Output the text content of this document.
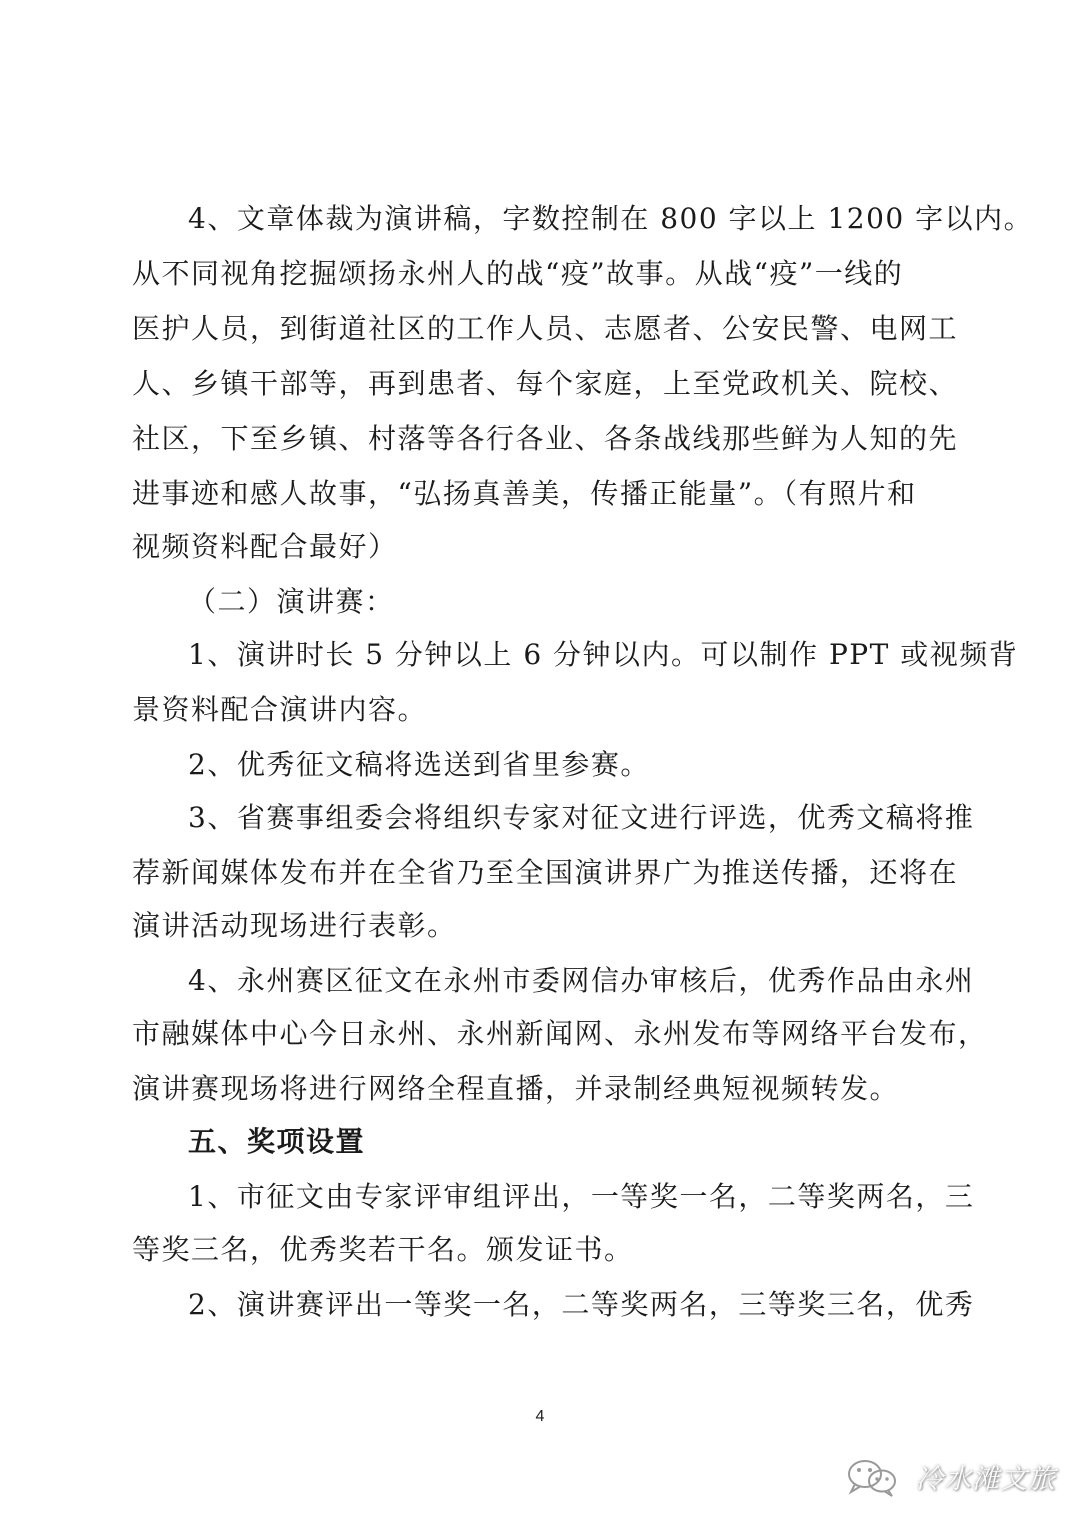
4、文章体裁为演讲稿，字数控制在 800 字以上 1200 字以内。
从不同视角挖掘颂扬永州人的战“疫”故事。从战“疫”一线的
医护人员，到街道社区的工作人员、志愿者、公安民警、电网工
人、乡镇干部等，再到患者、每个家庭，上至党政机关、院校、
社区，下至乡镇、村落等各行各业、各条战线那些鲜为人知的先
进事迹和感人故事，“弘扬真善美，传播正能量”。（有照片和
视频资料配合最好）
（二）演讲赛：
1、演讲时长 5 分钟以上 6 分钟以内。可以制作 PPT 或视频背
景资料配合演讲内容。
2、优秀征文稿将选送到省里参赛。
3、省赛事组委会将组织专家对征文进行评选，优秀文稿将推
荐新闻媒体发布并在全省乃至全国演讲界广为推送传播，还将在
演讲活动现场进行表彰。
4、永州赛区征文在永州市委网信办审核后，优秀作品由永州
市融媒体中心今日永州、永州新闻网、永州发布等网络平台发布，
演讲赛现场将进行网络全程直播，并录制经典短视频转发。
五、奖项设置
1、市征文由专家评审组评出，一等奖一名，二等奖两名，三
等奖三名，优秀奖若干名。颁发证书。
2、演讲赛评出一等奖一名，二等奖两名，三等奖三名，优秀
4
冷水滩文旅
